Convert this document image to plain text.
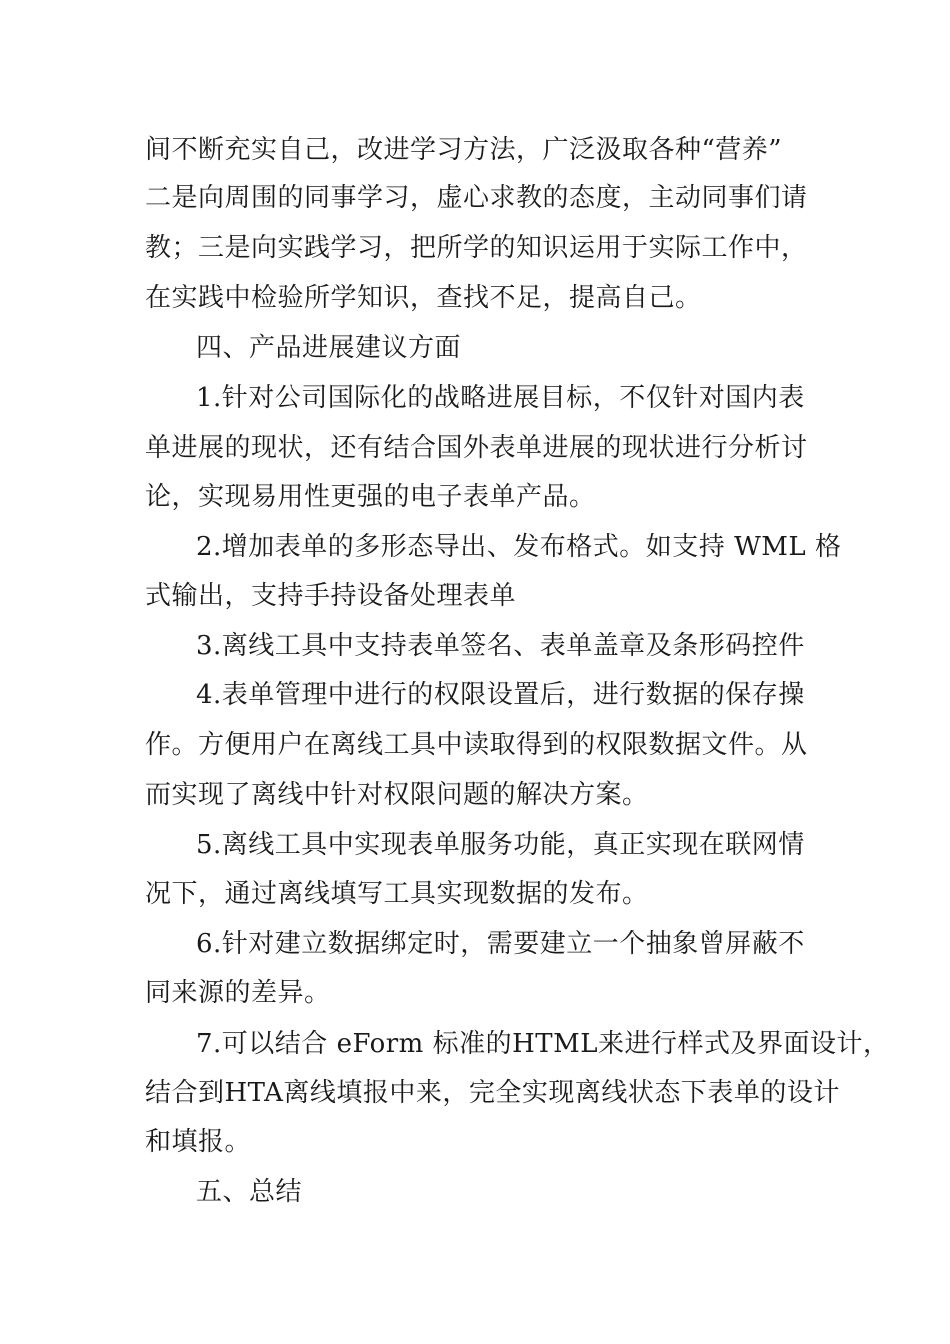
间不断充实自己，改进学习方法，广泛汲取各种“营养”
二是向周围的同事学习，虚心求教的态度，主动同事们请
教；三是向实践学习，把所学的知识运用于实际工作中，
在实践中检验所学知识，查找不足，提高自己。
四、产品进展建议方面
1.针对公司国际化的战略进展目标，不仅针对国内表
单进展的现状，还有结合国外表单进展的现状进行分析讨
论，实现易用性更强的电子表单产品。
2.增加表单的多形态导出、发布格式。如支持 WML 格
式输出，支持手持设备处理表单
3.离线工具中支持表单签名、表单盖章及条形码控件
4.表单管理中进行的权限设置后，进行数据的保存操
作。方便用户在离线工具中读取得到的权限数据文件。从
而实现了离线中针对权限问题的解决方案。
5.离线工具中实现表单服务功能，真正实现在联网情
况下，通过离线填写工具实现数据的发布。
6.针对建立数据绑定时，需要建立一个抽象曾屏蔽不
同来源的差异。
7.可以结合 eForm 标准的HTML来进行样式及界面设计，
结合到HTA离线填报中来，完全实现离线状态下表单的设计
和填报。
五、总结
